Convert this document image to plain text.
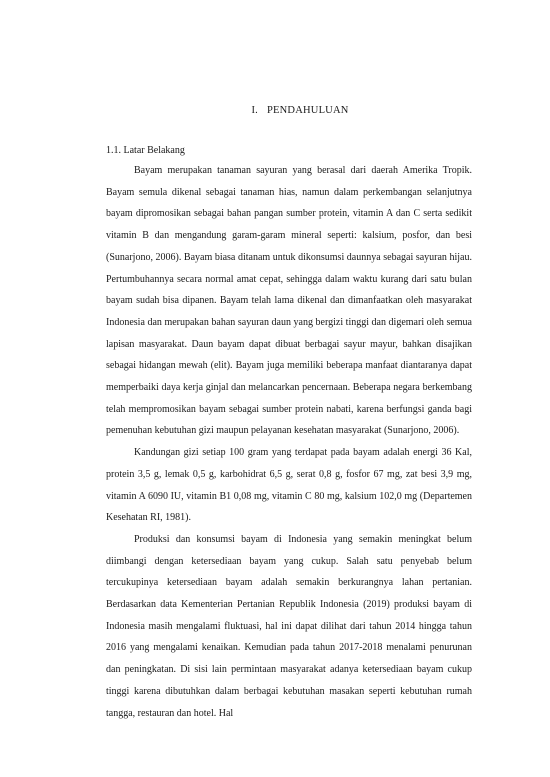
I. PENDAHULUAN
1.1. Latar Belakang

Bayam merupakan tanaman sayuran yang berasal dari daerah Amerika Tropik. Bayam semula dikenal sebagai tanaman hias, namun dalam perkembangan selanjutnya bayam dipromosikan sebagai bahan pangan sumber protein, vitamin A dan C serta sedikit vitamin B dan mengandung garam-garam mineral seperti: kalsium, posfor, dan besi (Sunarjono, 2006). Bayam biasa ditanam untuk dikonsumsi daunnya sebagai sayuran hijau. Pertumbuhannya secara normal amat cepat, sehingga dalam waktu kurang dari satu bulan bayam sudah bisa dipanen. Bayam telah lama dikenal dan dimanfaatkan oleh masyarakat Indonesia dan merupakan bahan sayuran daun yang bergizi tinggi dan digemari oleh semua lapisan masyarakat. Daun bayam dapat dibuat berbagai sayur mayur, bahkan disajikan sebagai hidangan mewah (elit). Bayam juga memiliki beberapa manfaat diantaranya dapat memperbaiki daya kerja ginjal dan melancarkan pencernaan. Beberapa negara berkembang telah mempromosikan bayam sebagai sumber protein nabati, karena berfungsi ganda bagi pemenuhan kebutuhan gizi maupun pelayanan kesehatan masyarakat (Sunarjono, 2006).

Kandungan gizi setiap 100 gram yang terdapat pada bayam adalah energi 36 Kal, protein 3,5 g, lemak 0,5 g, karbohidrat 6,5 g, serat 0,8 g, fosfor 67 mg, zat besi 3,9 mg, vitamin A 6090 IU, vitamin B1 0,08 mg, vitamin C 80 mg, kalsium 102,0 mg (Departemen Kesehatan RI, 1981).

Produksi dan konsumsi bayam di Indonesia yang semakin meningkat belum diimbangi dengan ketersediaan bayam yang cukup. Salah satu penyebab belum tercukupinya ketersediaan bayam adalah semakin berkurangnya lahan pertanian. Berdasarkan data Kementerian Pertanian Republik Indonesia (2019) produksi bayam di Indonesia masih mengalami fluktuasi, hal ini dapat dilihat dari tahun 2014 hingga tahun 2016 yang mengalami kenaikan. Kemudian pada tahun 2017-2018 menalami penurunan dan peningkatan. Di sisi lain permintaan masyarakat adanya ketersediaan bayam cukup tinggi karena dibutuhkan dalam berbagai kebutuhan masakan seperti kebutuhan rumah tangga, restauran dan hotel. Hal
